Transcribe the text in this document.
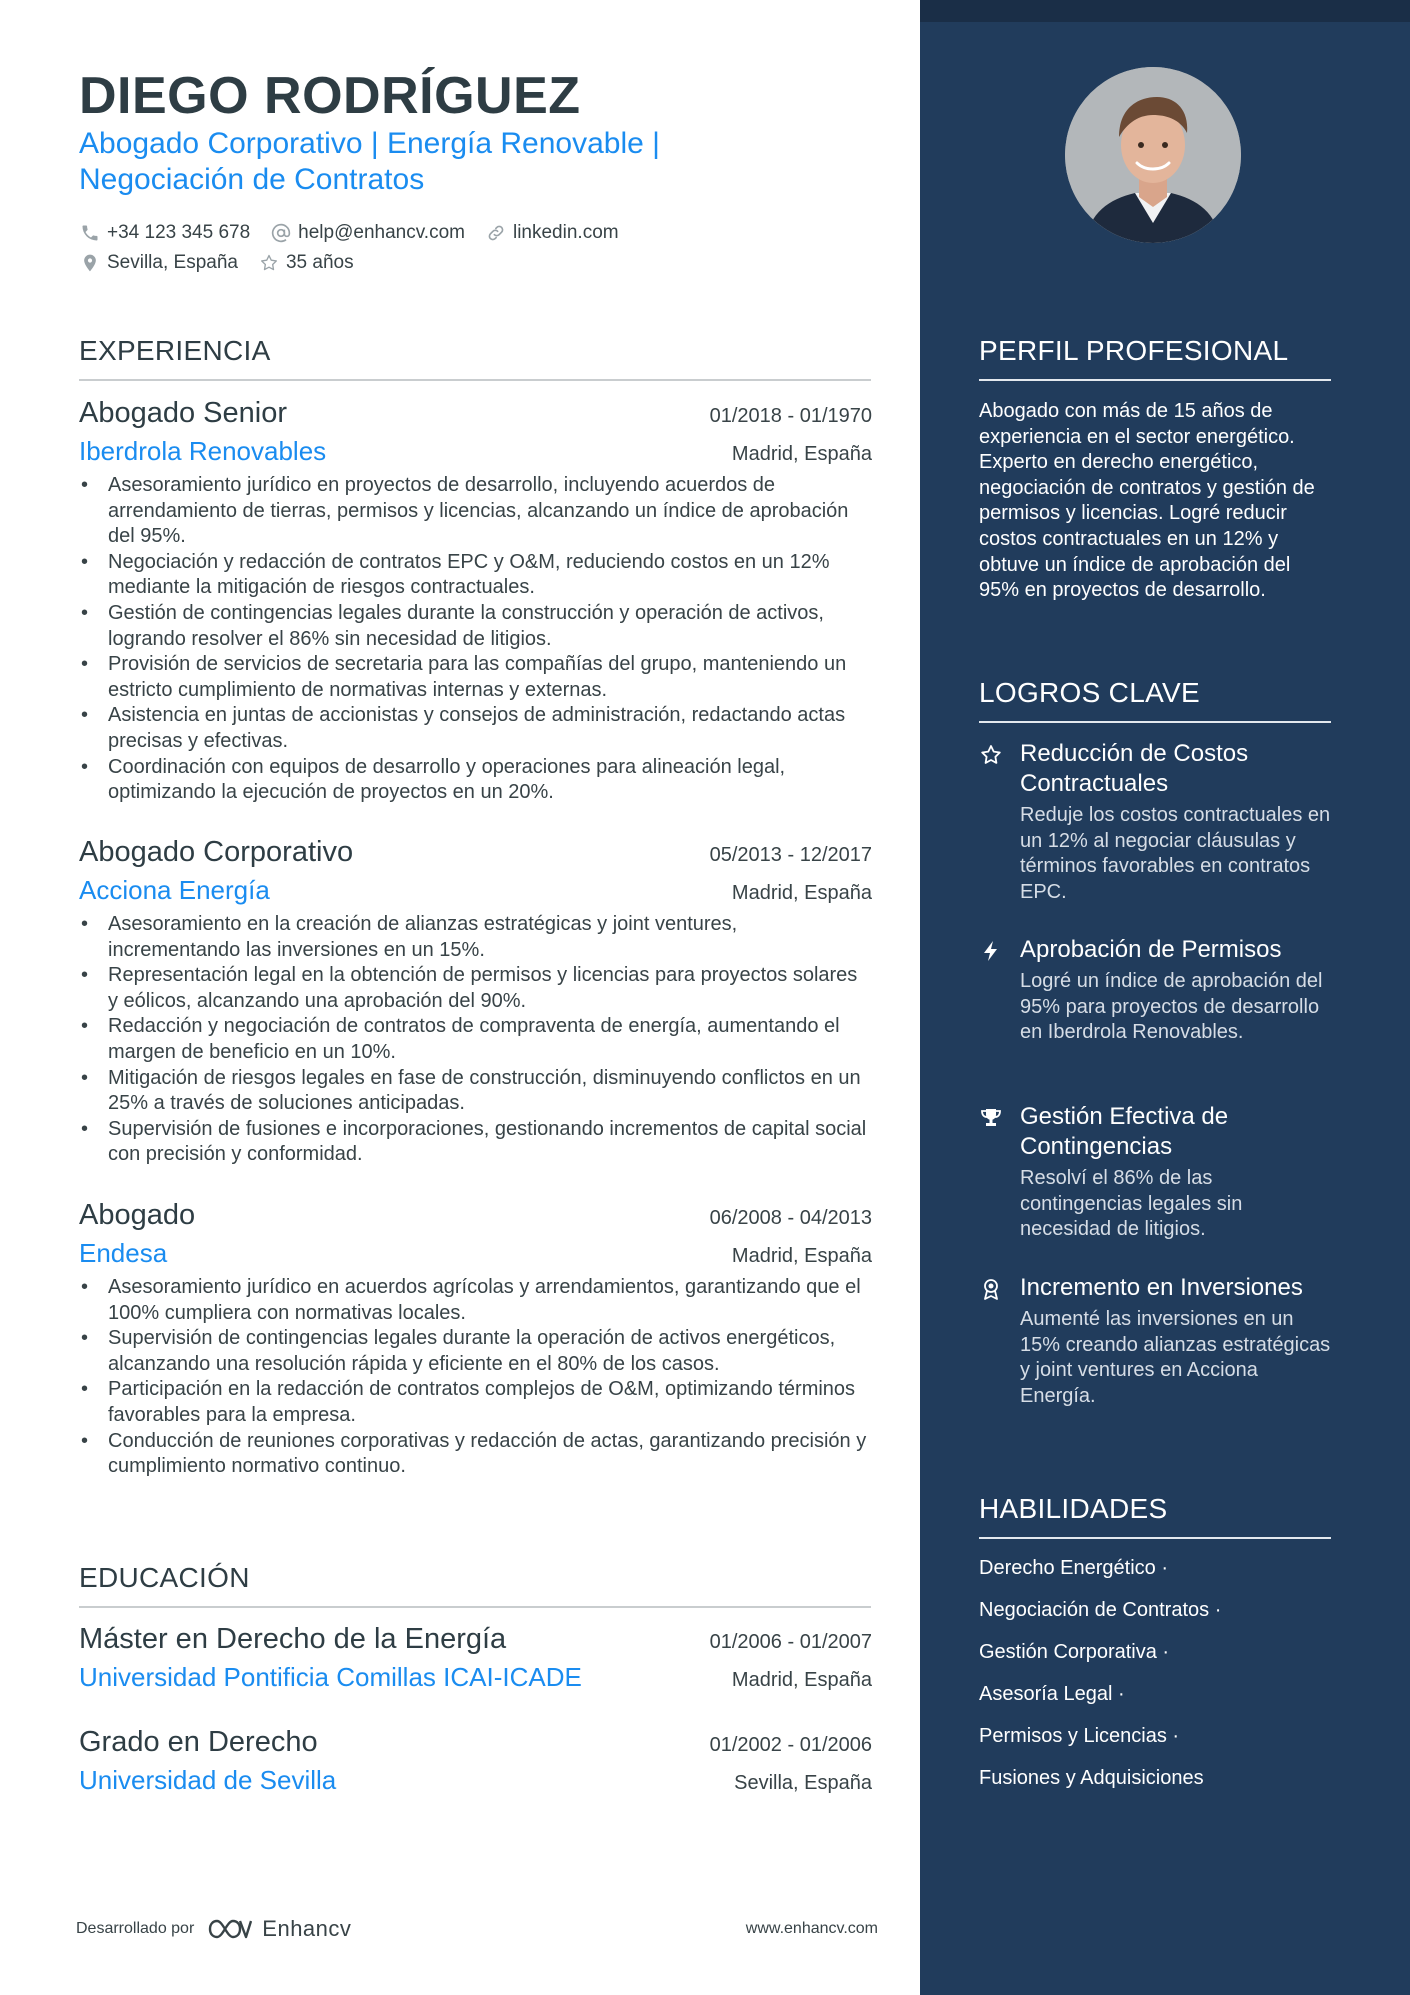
DIEGO RODRÍGUEZ
Abogado Corporativo | Energía Renovable | Negociación de Contratos
+34 123 345 678	help@enhancv.com	linkedin.com
Sevilla, España	35 años
EXPERIENCIA
Abogado Senior	01/2018 - 01/1970
Iberdrola Renovables	Madrid, España
• Asesoramiento jurídico en proyectos de desarrollo, incluyendo acuerdos de arrendamiento de tierras, permisos y licencias, alcanzando un índice de aprobación del 95%.
• Negociación y redacción de contratos EPC y O&M, reduciendo costos en un 12% mediante la mitigación de riesgos contractuales.
• Gestión de contingencias legales durante la construcción y operación de activos, logrando resolver el 86% sin necesidad de litigios.
• Provisión de servicios de secretaria para las compañías del grupo, manteniendo un estricto cumplimiento de normativas internas y externas.
• Asistencia en juntas de accionistas y consejos de administración, redactando actas precisas y efectivas.
• Coordinación con equipos de desarrollo y operaciones para alineación legal, optimizando la ejecución de proyectos en un 20%.
Abogado Corporativo	05/2013 - 12/2017
Acciona Energía	Madrid, España
• Asesoramiento en la creación de alianzas estratégicas y joint ventures, incrementando las inversiones en un 15%.
• Representación legal en la obtención de permisos y licencias para proyectos solares y eólicos, alcanzando una aprobación del 90%.
• Redacción y negociación de contratos de compraventa de energía, aumentando el margen de beneficio en un 10%.
• Mitigación de riesgos legales en fase de construcción, disminuyendo conflictos en un 25% a través de soluciones anticipadas.
• Supervisión de fusiones e incorporaciones, gestionando incrementos de capital social con precisión y conformidad.
Abogado	06/2008 - 04/2013
Endesa	Madrid, España
• Asesoramiento jurídico en acuerdos agrícolas y arrendamientos, garantizando que el 100% cumpliera con normativas locales.
• Supervisión de contingencias legales durante la operación de activos energéticos, alcanzando una resolución rápida y eficiente en el 80% de los casos.
• Participación en la redacción de contratos complejos de O&M, optimizando términos favorables para la empresa.
• Conducción de reuniones corporativas y redacción de actas, garantizando precisión y cumplimiento normativo continuo.
EDUCACIÓN
Máster en Derecho de la Energía	01/2006 - 01/2007
Universidad Pontificia Comillas ICAI-ICADE	Madrid, España
Grado en Derecho	01/2002 - 01/2006
Universidad de Sevilla	Sevilla, España
Desarrollado por	Enhancv	www.enhancv.com
PERFIL PROFESIONAL
Abogado con más de 15 años de experiencia en el sector energético. Experto en derecho energético, negociación de contratos y gestión de permisos y licencias. Logré reducir costos contractuales en un 12% y obtuve un índice de aprobación del 95% en proyectos de desarrollo.
LOGROS CLAVE
Reducción de Costos Contractuales
Reduje los costos contractuales en un 12% al negociar cláusulas y términos favorables en contratos EPC.
Aprobación de Permisos
Logré un índice de aprobación del 95% para proyectos de desarrollo en Iberdrola Renovables.
Gestión Efectiva de Contingencias
Resolví el 86% de las contingencias legales sin necesidad de litigios.
Incremento en Inversiones
Aumenté las inversiones en un 15% creando alianzas estratégicas y joint ventures en Acciona Energía.
HABILIDADES
Derecho Energético ·
Negociación de Contratos ·
Gestión Corporativa ·
Asesoría Legal ·
Permisos y Licencias ·
Fusiones y Adquisiciones
